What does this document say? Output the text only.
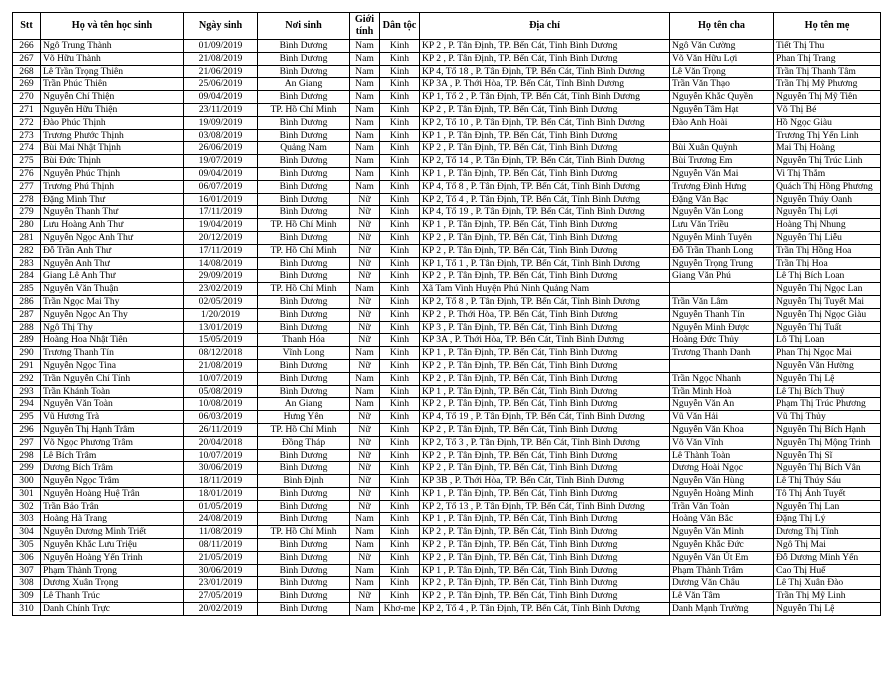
Stt	Họ và tên học sinh	Ngày sinh	Nơi sinh	Giới tính	Dân tộc	Địa chỉ	Họ tên cha	Họ tên mẹ
266	Ngô Trung Thành	01/09/2019	Bình Dương	Nam	Kinh	KP 2 , P. Tân Định, TP. Bến Cát, Tỉnh Bình Dương	Ngô Văn Cường	Tiết Thị Thu
267	Võ Hữu Thành	21/08/2019	Bình Dương	Nam	Kinh	KP 2 , P. Tân Định, TP. Bến Cát, Tỉnh Bình Dương	Võ Văn Hữu Lợi	Phan Thị Trang
268	Lê Trần Trọng Thiên	21/06/2019	Bình Dương	Nam	Kinh	KP 4, Tổ 18 , P. Tân Định, TP. Bến Cát, Tỉnh Bình Dương	Lê Văn Trọng	Trần Thị Thanh Tâm
269	Trần Phúc Thiên	25/06/2019	An Giang	Nam	Kinh	KP 3A , P. Thới Hòa, TP. Bến Cát, Tỉnh Bình Dương	Trần Văn Thạo	Trần Thị Mỹ Phương
270	Nguyễn Chí Thiện	09/04/2019	Bình Dương	Nam	Kinh	KP 1, Tổ 2 , P. Tân Định, TP. Bến Cát, Tỉnh Bình Dương	Nguyễn Khắc Quyền	Nguyễn Thị Mỹ Tiên
271	Nguyễn Hữu Thiện	23/11/2019	TP. Hồ Chí Minh	Nam	Kinh	KP 2 , P. Tân Định, TP. Bến Cát, Tỉnh Bình Dương	Nguyễn Tâm Hạt	Võ Thị Bé
272	Đào Phúc Thịnh	19/09/2019	Bình Dương	Nam	Kinh	KP 2, Tổ 10 , P. Tân Định, TP. Bến Cát, Tỉnh Bình Dương	Đào Anh Hoài	Hồ Ngọc Giàu
273	Trương Phước Thịnh	03/08/2019	Bình Dương	Nam	Kinh	KP 1 , P. Tân Định, TP. Bến Cát, Tỉnh Bình Dương		Trương Thị Yến Linh
274	Bùi Mai Nhật Thịnh	26/06/2019	Quảng Nam	Nam	Kinh	KP 2 , P. Tân Định, TP. Bến Cát, Tỉnh Bình Dương	Bùi Xuân Quỳnh	Mai Thị Hoàng
275	Bùi Đức Thịnh	19/07/2019	Bình Dương	Nam	Kinh	KP 2, Tổ 14 , P. Tân Định, TP. Bến Cát, Tỉnh Bình Dương	Bùi Trương Em	Nguyễn Thị Trúc Linh
276	Nguyễn Phúc Thịnh	09/04/2019	Bình Dương	Nam	Kinh	KP 1 , P. Tân Định, TP. Bến Cát, Tỉnh Bình Dương	Nguyễn Văn Mai	Vi Thị Thắm
277	Trương Phú Thịnh	06/07/2019	Bình Dương	Nam	Kinh	KP 4, Tổ 8 , P. Tân Định, TP. Bến Cát, Tỉnh Bình Dương	Trương Đình Hưng	Quách Thị Hồng Phương
278	Đặng Minh Thư	16/01/2019	Bình Dương	Nữ	Kinh	KP 2, Tổ 4 , P. Tân Định, TP. Bến Cát, Tỉnh Bình Dương	Đặng Văn Bạc	Nguyễn Thúy Oanh
279	Nguyễn Thanh Thư	17/11/2019	Bình Dương	Nữ	Kinh	KP 4, Tổ 19 , P. Tân Định, TP. Bến Cát, Tỉnh Bình Dương	Nguyễn Văn Long	Nguyễn Thị Lợi
280	Lưu Hoàng Anh Thư	19/04/2019	TP. Hồ Chí Minh	Nữ	Kinh	KP 1 , P. Tân Định, TP. Bến Cát, Tỉnh Bình Dương	Lưu Văn Triều	Hoàng Thị Nhung
281	Nguyễn Ngọc Anh Thư	20/12/2019	Bình Dương	Nữ	Kinh	KP 2 , P. Tân Định, TP. Bến Cát, Tỉnh Bình Dương	Nguyễn Minh Tuyên	Nguyễn Thị Liễu
282	Đỗ Trần Anh Thư	17/11/2019	TP. Hồ Chí Minh	Nữ	Kinh	KP 2 , P. Tân Định, TP. Bến Cát, Tỉnh Bình Dương	Đỗ Trần Thanh Long	Trần Thị Hồng Hoa
283	Nguyễn Anh Thư	14/08/2019	Bình Dương	Nữ	Kinh	KP 1, Tổ 1 , P. Tân Định, TP. Bến Cát, Tỉnh Bình Dương	Nguyễn Trọng Trung	Trần Thị Hoa
284	Giang Lê Anh Thư	29/09/2019	Bình Dương	Nữ	Kinh	KP 2 , P. Tân Định, TP. Bến Cát, Tỉnh Bình Dương	Giang Văn Phú	Lê Thị Bích Loan
285	Nguyễn Văn Thuận	23/02/2019	TP. Hồ Chí Minh	Nam	Kinh	Xã Tam Vinh Huyện Phú Ninh Quảng Nam		Nguyễn Thị Ngọc Lan
286	Trần Ngọc Mai Thy	02/05/2019	Bình Dương	Nữ	Kinh	KP 2, Tổ 8 , P. Tân Định, TP. Bến Cát, Tỉnh Bình Dương	Trần Văn Lâm	Nguyễn Thị Tuyết Mai
287	Nguyễn Ngọc An Thy	1/20/2019	Bình Dương	Nữ	Kinh	KP 2 , P. Thới Hòa, TP. Bến Cát, Tỉnh Bình Dương	Nguyễn Thanh Tín	Nguyễn Thị Ngọc Giàu
288	Ngô Thị Thy	13/01/2019	Bình Dương	Nữ	Kinh	KP 3 , P. Tân Định, TP. Bến Cát, Tỉnh Bình Dương	Nguyễn Minh Được	Nguyễn Thị Tuất
289	Hoàng Hoa Nhật Tiên	15/05/2019	Thanh Hóa	Nữ	Kinh	KP 3A , P. Thới Hòa, TP. Bến Cát, Tỉnh Bình Dương	Hoàng Đức Thủy	Lô Thị Loan
290	Trương Thanh Tín	08/12/2018	Vĩnh Long	Nam	Kinh	KP 1 , P. Tân Định, TP. Bến Cát, Tỉnh Bình Dương	Trương Thanh Danh	Phan Thị Ngọc Mai
291	Nguyễn Ngọc Tina	21/08/2019	Bình Dương	Nữ	Kinh	KP 2 , P. Tân Định, TP. Bến Cát, Tỉnh Bình Dương		Nguyễn Văn Hường
292	Trần Nguyễn Chí Tính	10/07/2019	Bình Dương	Nam	Kinh	KP 2 , P. Tân Định, TP. Bến Cát, Tỉnh Bình Dương	Trần Ngọc Nhanh	Nguyễn Thị Lệ
293	Trần Khánh Toàn	05/08/2019	Bình Dương	Nam	Kinh	KP 1 , P. Tân Định, TP. Bến Cát, Tỉnh Bình Dương	Trần Minh Hoà	Lê Thị Bích Thuỷ
294	Nguyễn Văn Toàn	10/08/2019	An Giang	Nam	Kinh	KP 2 , P. Tân Định, TP. Bến Cát, Tỉnh Bình Dương	Nguyễn Văn An	Phạm Thị Trúc Phương
295	Vũ Hương Trà	06/03/2019	Hưng Yên	Nữ	Kinh	KP 4, Tổ 19 , P. Tân Định, TP. Bến Cát, Tỉnh Bình Dương	Vũ Văn Hải	Vũ Thị Thủy
296	Nguyễn Thị Hạnh Trâm	26/11/2019	TP. Hồ Chí Minh	Nữ	Kinh	KP 2 , P. Tân Định, TP. Bến Cát, Tỉnh Bình Dương	Nguyễn Văn Khoa	Nguyễn Thị Bích Hạnh
297	Võ Ngọc Phương Trâm	20/04/2018	Đồng Tháp	Nữ	Kinh	KP 2, Tổ 3 , P. Tân Định, TP. Bến Cát, Tỉnh Bình Dương	Võ Văn Vĩnh	Nguyễn Thị Mộng Trinh
298	Lê Bích Trâm	10/07/2019	Bình Dương	Nữ	Kinh	KP 2 , P. Tân Định, TP. Bến Cát, Tỉnh Bình Dương	Lê Thành Toàn	Nguyễn Thị Sĩ
299	Dương Bích Trâm	30/06/2019	Bình Dương	Nữ	Kinh	KP 2 , P. Tân Định, TP. Bến Cát, Tỉnh Bình Dương	Dương Hoài Ngọc	Nguyễn Thị Bích Vân
300	Nguyễn Ngọc Trâm	18/11/2019	Bình Định	Nữ	Kinh	KP 3B , P. Thới Hòa, TP. Bến Cát, Tỉnh Bình Dương	Nguyễn Văn Hùng	Lê Thị Thúy Sáu
301	Nguyễn Hoàng Huệ Trân	18/01/2019	Bình Dương	Nữ	Kinh	KP 1 , P. Tân Định, TP. Bến Cát, Tỉnh Bình Dương	Nguyễn Hoàng Minh	Tô Thị Ánh Tuyết
302	Trần Bảo Trân	01/05/2019	Bình Dương	Nữ	Kinh	KP 2, Tổ 13 , P. Tân Định, TP. Bến Cát, Tỉnh Bình Dương	Trần Văn Toàn	Nguyễn Thị Lan
303	Hoàng Hà Trang	24/08/2019	Bình Dương	Nam	Kinh	KP 1 , P. Tân Định, TP. Bến Cát, Tỉnh Bình Dương	Hoàng Văn Bắc	Đặng Thị Lý
304	Nguyễn Dương Minh Triết	11/08/2019	TP. Hồ Chí Minh	Nam	Kinh	KP 2 , P. Tân Định, TP. Bến Cát, Tỉnh Bình Dương	Nguyễn Văn Minh	Dương Thị Tính
305	Nguyễn Khắc Lưu Triệu	08/11/2019	Bình Dương	Nam	Kinh	KP 2 , P. Tân Định, TP. Bến Cát, Tỉnh Bình Dương	Nguyễn Khắc Đức	Ngô Thị Mai
306	Nguyễn Hoàng Yến Trinh	21/05/2019	Bình Dương	Nữ	Kinh	KP 2 , P. Tân Định, TP. Bến Cát, Tỉnh Bình Dương	Nguyễn Văn Út Em	Đỗ Dương Minh Yến
307	Phạm Thành Trọng	30/06/2019	Bình Dương	Nam	Kinh	KP 1 , P. Tân Định, TP. Bến Cát, Tỉnh Bình Dương	Phạm Thành Trâm	Cao Thị Huế
308	Dương Xuân Trọng	23/01/2019	Bình Dương	Nam	Kinh	KP 2 , P. Tân Định, TP. Bến Cát, Tỉnh Bình Dương	Dương Văn Châu	Lê Thị Xuân Đào
309	Lê Thanh Trúc	27/05/2019	Bình Dương	Nữ	Kinh	KP 2 , P. Tân Định, TP. Bến Cát, Tỉnh Bình Dương	Lê Văn Tâm	Trần Thị Mỹ Linh
310	Danh Chính Trực	20/02/2019	Bình Dương	Nam	Khơ-me	KP 2, Tổ 4 , P. Tân Định, TP. Bến Cát, Tỉnh Bình Dương	Danh Mạnh Trường	Nguyễn Thị Lệ
